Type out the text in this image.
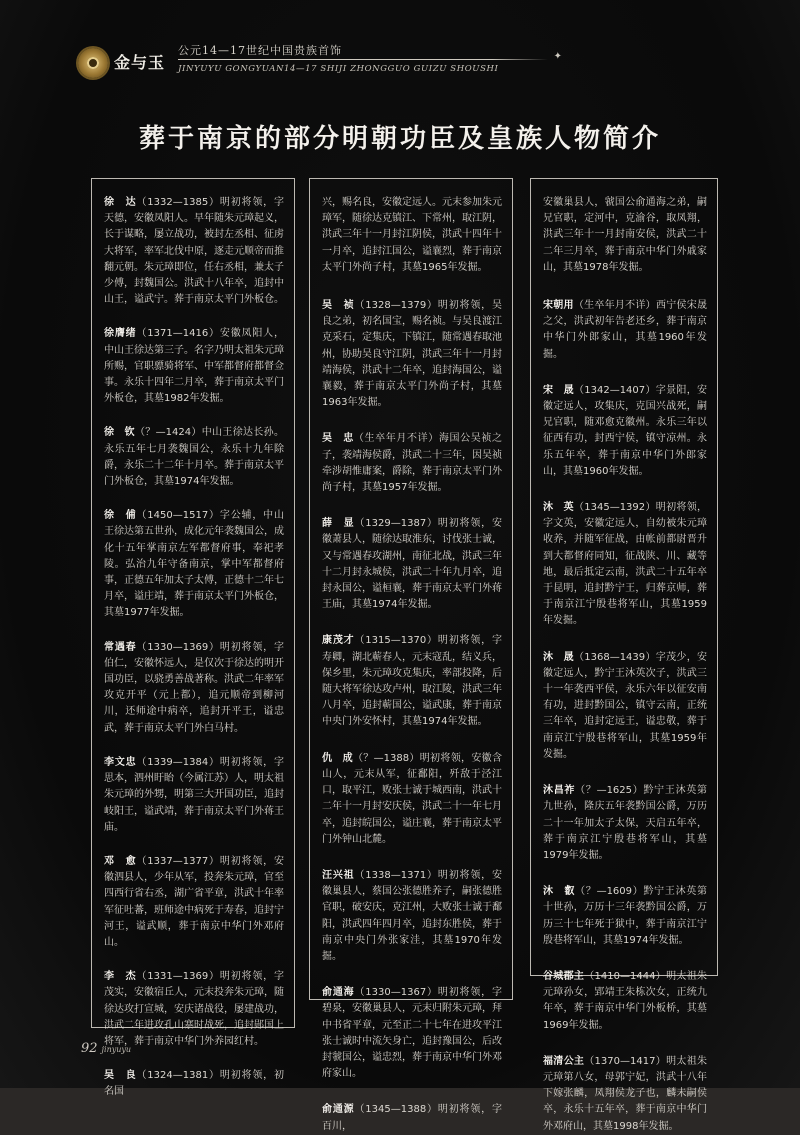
金与玉
公元14—17世纪中国贵族首饰
✦
JINYUYU GONGYUAN14—17 SHIJI ZHONGGUO GUIZU SHOUSHI
葬于南京的部分明朝功臣及皇族人物简介
徐　达（1332—1385）明初将领，字天德，安徽凤阳人。早年随朱元璋起义，长于谋略，屡立战功，被封左丞相、征虏大将军，率军北伐中原，逐走元顺帝而推翻元朝。朱元璋即位，任右丞相，兼太子少傅，封魏国公。洪武十八年卒，追封中山王，谥武宁。葬于南京太平门外板仓。
徐膺绪（1371—1416）安徽凤阳人，中山王徐达第三子。名字乃明太祖朱元璋所赐，官职骠骑将军、中军都督府都督佥事。永乐十四年二月卒，葬于南京太平门外板仓，其墓1982年发掘。
徐　钦（？—1424）中山王徐达长孙。永乐五年七月袭魏国公，永乐十九年除爵，永乐二十二年十月卒。葬于南京太平门外板仓，其墓1974年发掘。
徐　俌（1450—1517）字公辅，中山王徐达第五世孙，成化元年袭魏国公，成化十五年掌南京左军都督府事，奉祀孝陵。弘治九年守备南京，掌中军都督府事，正德五年加太子太傅，正德十二年七月卒，谥庄靖，葬于南京太平门外板仓，其墓1977年发掘。
常遇春（1330—1369）明初将领，字伯仁，安徽怀远人，是仅次于徐达的明开国功臣，以骁勇善战著称。洪武二年率军攻克开平（元上都），追元顺帝到柳河川，还师途中病卒，追封开平王，谥忠武，葬于南京太平门外白马村。
李文忠（1339—1384）明初将领，字思本，泗州盱眙（今属江苏）人，明太祖朱元璋的外甥，明第三大开国功臣，追封岐阳王，谥武靖，葬于南京太平门外蒋王庙。
邓　愈（1337—1377）明初将领，安徽泗县人，少年从军，投奔朱元璋，官至四西行省右丞，湖广省平章，洪武十年率军征吐蕃，班师途中病死于寿春，追封宁河王，谥武顺，葬于南京中华门外邓府山。
李　杰（1331—1369）明初将领，字茂实，安徽宿丘人，元末投奔朱元璋，随徐达攻打宣城，安庆诸战役，屡建战功，洪武二年进攻孔山寨时战死，追封郧国上将军，葬于南京中华门外养园红村。
吴　良（1324—1381）明初将领，初名国
兴，赐名良，安徽定远人。元末参加朱元璋军，随徐达克镇江、下常州，取江阴，洪武三年十一月封江阴侯，洪武十四年十一月卒，追封江国公，谥襄烈，葬于南京太平门外尚子村，其墓1965年发掘。
吴　祯（1328—1379）明初将领，吴良之弟，初名国宝，赐名祯。与吴良渡江克采石，定集庆，下镇江，随常遇春取池州，协助吴良守江阴，洪武三年十一月封靖海侯，洪武十二年卒，追封海国公，谥襄毅，葬于南京太平门外尚子村，其墓1963年发掘。
吴　忠（生卒年月不详）海国公吴祯之子，袭靖海侯爵，洪武二十三年，因吴祯牵涉胡惟庸案，爵除，葬于南京太平门外尚子村，其墓1957年发掘。
薛　显（1329—1387）明初将领，安徽萧县人，随徐达取淮东，讨伐张士诚，又与常遇春攻湖州，南征北战，洪武三年十二月封永城侯，洪武二十年九月卒，追封永国公，谥桓襄，葬于南京太平门外蒋王庙，其墓1974年发掘。
康茂才（1315—1370）明初将领，字寿卿，湖北蕲春人，元末寇乱，结义兵，保乡里，朱元璋攻克集庆，率部投降，后随大将军徐达攻卢州，取江陵，洪武三年八月卒，追封蕲国公，谥武康，葬于南京中央门外安怀村，其墓1974年发掘。
仇　成（？—1388）明初将领，安徽含山人，元末从军，征鄱阳，歼敌于泾江口，取平江，败张士诚于城西南，洪武十二年十一月封安庆侯，洪武二十一年七月卒，追封皖国公，谥庄襄，葬于南京太平门外钟山北麓。
汪兴祖（1338—1371）明初将领，安徽巢县人，蔡国公张德胜养子，嗣张德胜官职，破安庆，克江州，大败张士诚于鄱阳，洪武四年四月卒，追封东胜侯，葬于南京中央门外张家洼，其墓1970年发掘。
俞通海（1330—1367）明初将领，字碧泉，安徽巢县人，元末归附朱元璋，拜中书省平章，元至正二十七年在进攻平江张士诚时中流矢身亡，追封豫国公，后改封虢国公，谥忠烈，葬于南京中华门外邓府家山。
俞通源（1345—1388）明初将领，字百川，
安徽巢县人，虢国公俞通海之弟，嗣兄官职，定河中，克渝谷，取凤翔，洪武三年十一月封南安侯，洪武二十二年三月卒，葬于南京中华门外戚家山，其墓1978年发掘。
宋朝用（生卒年月不详）西宁侯宋晟之父，洪武初年告老还乡，葬于南京中华门外郎家山，其墓1960年发掘。
宋　晟（1342—1407）字景阳，安徽定远人，攻集庆，克国兴战死，嗣兄官职，随邓愈克徽州。永乐三年以征西有功，封西宁侯，镇守凉州。永乐五年卒，葬于南京中华门外郎家山，其墓1960年发掘。
沐　英（1345—1392）明初将领，字文英，安徽定远人，自幼被朱元璋收养，并随军征战，由帐前都尉晋升到大都督府同知，征战陕、川、藏等地，最后抵定云南，洪武二十五年卒于昆明，追封黔宁王，归葬京师，葬于南京江宁殷巷将军山，其墓1959年发掘。
沐　晟（1368—1439）字茂少，安徽定远人，黔宁王沐英次子，洪武三十一年袭西平侯，永乐六年以征安南有功，进封黔国公，镇守云南，正统三年卒，追封定远王，谥忠敬，葬于南京江宁殷巷将军山，其墓1959年发掘。
沐昌祚（？—1625）黔宁王沐英第九世孙，隆庆五年袭黔国公爵，万历二十一年加太子太保，天启五年卒，葬于南京江宁殷巷将军山，其墓1979年发掘。
沐　叡（？—1609）黔宁王沐英第十世孙，万历十三年袭黔国公爵，万历三十七年死于狱中，葬于南京江宁殷巷将军山，其墓1974年发掘。
谷城郡主（1410—1444）明太祖朱元璋孙女，郢靖王朱栋次女，正统九年卒，葬于南京中华门外板桥，其墓1969年发掘。
福清公主（1370—1417）明太祖朱元璋第八女，母郭宁妃，洪武十八年下嫁张麟，凤翔侯龙子也，麟未嗣侯卒，永乐十五年卒，葬于南京中华门外邓府山，其墓1998年发掘。
92 jinyuyu
